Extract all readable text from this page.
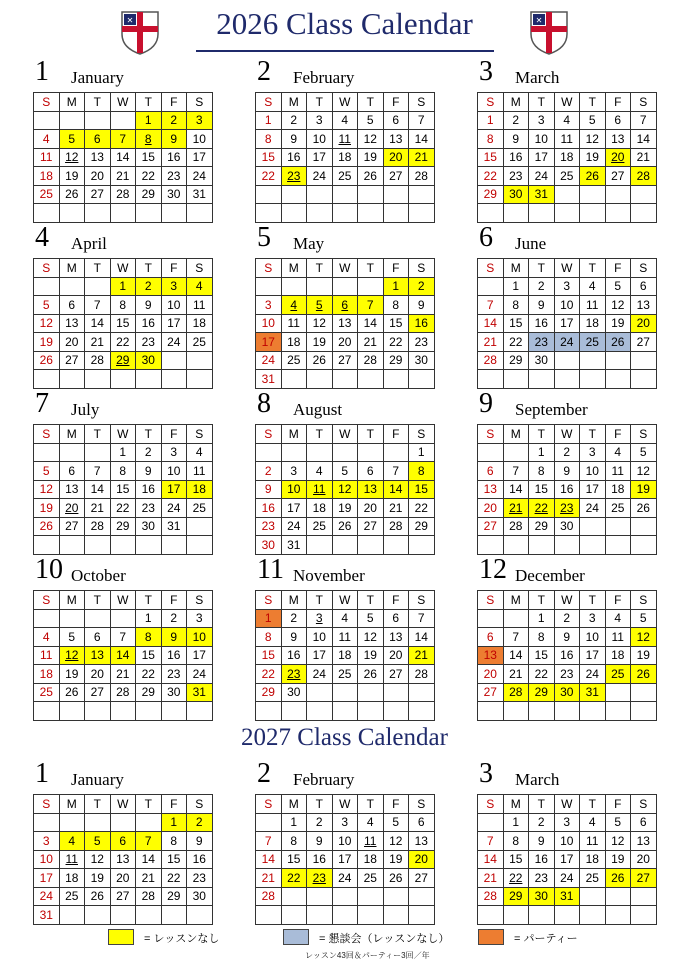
2026 Class Calendar
✕	✕
2027 Class Calendar
1 January
S	M	T	W	T	F	S
				1	2	3
4	5	6	7	8	9	10
11	12	13	14	15	16	17
18	19	20	21	22	23	24
25	26	27	28	29	30	31

2 February
S	M	T	W	T	F	S
1	2	3	4	5	6	7
8	9	10	11	12	13	14
15	16	17	18	19	20	21
22	23	24	25	26	27	28

3 March
S	M	T	W	T	F	S
1	2	3	4	5	6	7
8	9	10	11	12	13	14
15	16	17	18	19	20	21
22	23	24	25	26	27	28
29	30	31				

4 April
S	M	T	W	T	F	S
			1	2	3	4
5	6	7	8	9	10	11
12	13	14	15	16	17	18
19	20	21	22	23	24	25
26	27	28	29	30		

5 May
S	M	T	W	T	F	S
					1	2
3	4	5	6	7	8	9
10	11	12	13	14	15	16
17	18	19	20	21	22	23
24	25	26	27	28	29	30
31						
6 June
S	M	T	W	T	F	S
	1	2	3	4	5	6
7	8	9	10	11	12	13
14	15	16	17	18	19	20
21	22	23	24	25	26	27
28	29	30				

7 July
S	M	T	W	T	F	S
			1	2	3	4
5	6	7	8	9	10	11
12	13	14	15	16	17	18
19	20	21	22	23	24	25
26	27	28	29	30	31	

8 August
S	M	T	W	T	F	S
						1
2	3	4	5	6	7	8
9	10	11	12	13	14	15
16	17	18	19	20	21	22
23	24	25	26	27	28	29
30	31					
9 September
S	M	T	W	T	F	S
		1	2	3	4	5
6	7	8	9	10	11	12
13	14	15	16	17	18	19
20	21	22	23	24	25	26
27	28	29	30			

10 October
S	M	T	W	T	F	S
				1	2	3
4	5	6	7	8	9	10
11	12	13	14	15	16	17
18	19	20	21	22	23	24
25	26	27	28	29	30	31

11 November
S	M	T	W	T	F	S
1	2	3	4	5	6	7
8	9	10	11	12	13	14
15	16	17	18	19	20	21
22	23	24	25	26	27	28
29	30					

12 December
S	M	T	W	T	F	S
		1	2	3	4	5
6	7	8	9	10	11	12
13	14	15	16	17	18	19
20	21	22	23	24	25	26
27	28	29	30	31		

1 January
S	M	T	W	T	F	S
					1	2
3	4	5	6	7	8	9
10	11	12	13	14	15	16
17	18	19	20	21	22	23
24	25	26	27	28	29	30
31						
2 February
S	M	T	W	T	F	S
	1	2	3	4	5	6
7	8	9	10	11	12	13
14	15	16	17	18	19	20
21	22	23	24	25	26	27
28						

3 March
S	M	T	W	T	F	S
	1	2	3	4	5	6
7	8	9	10	11	12	13
14	15	16	17	18	19	20
21	22	23	24	25	26	27
28	29	30	31			

= レッスンなし	= 懇談会（レッスンなし）	= パーティー
レッスン43回＆パーティー3回／年
